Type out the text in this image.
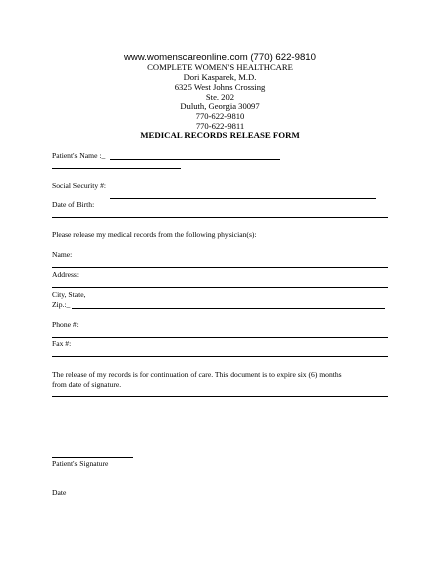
www.womenscareonline.com (770) 622-9810
COMPLETE WOMEN'S HEALTHCARE
Dori Kasparek, M.D.
6325 West Johns Crossing
Ste. 202
Duluth, Georgia 30097
770-622-9810
770-622-9811
MEDICAL RECORDS RELEASE FORM
Patient's Name :_
Social Security #:
Date of Birth:
Please release my medical records from the following physician(s):
Name:
Address:
City, State,
Zip.:_
Phone #:
Fax #:
The release of my records is for continuation of care. This document is to expire six (6) months
from date of signature.
Patient's Signature
Date
